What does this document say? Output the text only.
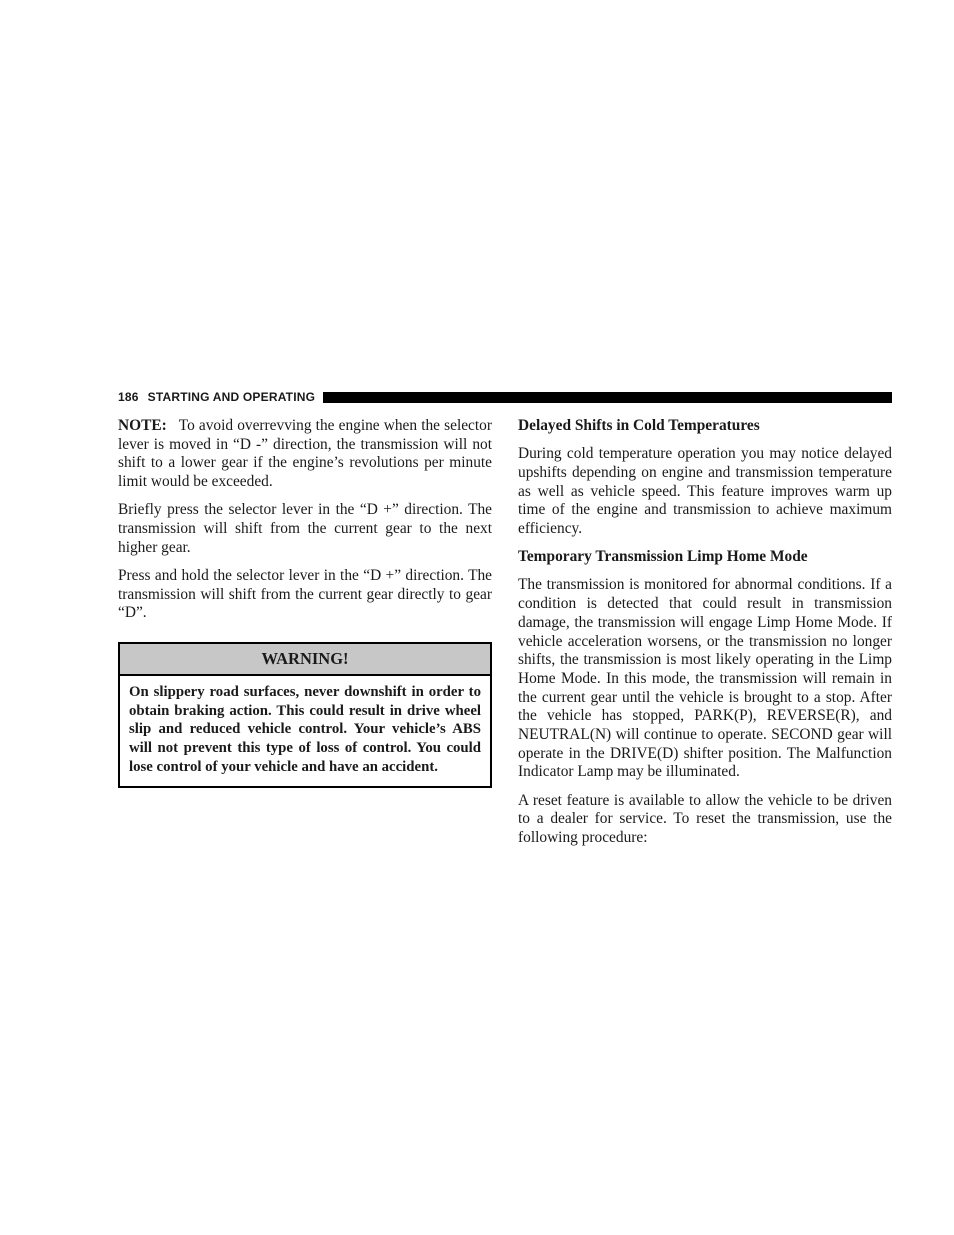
186 STARTING AND OPERATING

NOTE: To avoid overrevving the engine when the selector lever is moved in “D -” direction, the transmission will not shift to a lower gear if the engine’s revolutions per minute limit would be exceeded.

Briefly press the selector lever in the “D +” direction. The transmission will shift from the current gear to the next higher gear.

Press and hold the selector lever in the “D +” direction. The transmission will shift from the current gear directly to gear “D”.

WARNING!
On slippery road surfaces, never downshift in order to obtain braking action. This could result in drive wheel slip and reduced vehicle control. Your vehicle’s ABS will not prevent this type of loss of control. You could lose control of your vehicle and have an accident.

Delayed Shifts in Cold Temperatures

During cold temperature operation you may notice delayed upshifts depending on engine and transmission temperature as well as vehicle speed. This feature improves warm up time of the engine and transmission to achieve maximum efficiency.

Temporary Transmission Limp Home Mode

The transmission is monitored for abnormal conditions. If a condition is detected that could result in transmission damage, the transmission will engage Limp Home Mode. If vehicle acceleration worsens, or the transmission no longer shifts, the transmission is most likely operating in the Limp Home Mode. In this mode, the transmission will remain in the current gear until the vehicle is brought to a stop. After the vehicle has stopped, PARK(P), REVERSE(R), and NEUTRAL(N) will continue to operate. SECOND gear will operate in the DRIVE(D) shifter position. The Malfunction Indicator Lamp may be illuminated.

A reset feature is available to allow the vehicle to be driven to a dealer for service. To reset the transmission, use the following procedure:
